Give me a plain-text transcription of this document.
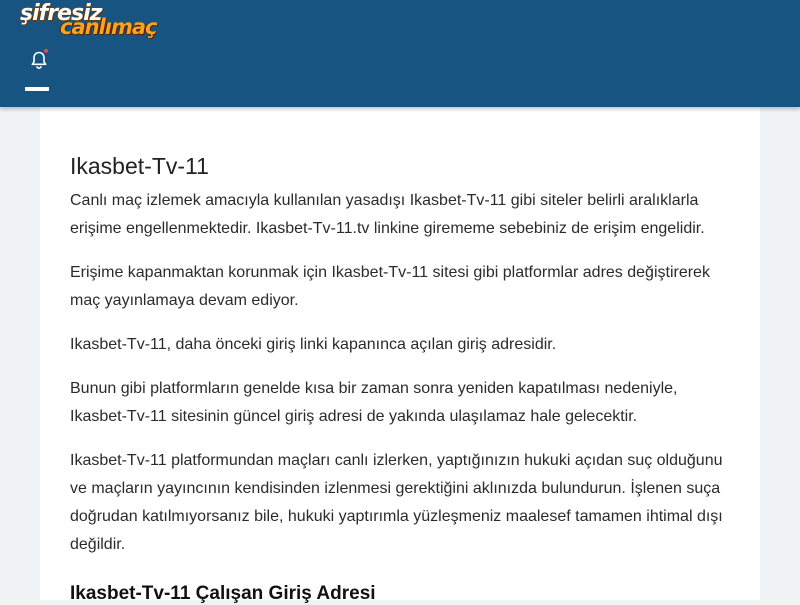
şifresiz
canlımaç
Ikasbet-Tv-11

Canlı maç izlemek amacıyla kullanılan yasadışı Ikasbet-Tv-11 gibi siteler belirli aralıklarla erişime engellenmektedir. Ikasbet-Tv-11.tv linkine girememe sebebiniz de erişim engelidir.

Erişime kapanmaktan korunmak için Ikasbet-Tv-11 sitesi gibi platformlar adres değiştirerek maç yayınlamaya devam ediyor.

Ikasbet-Tv-11, daha önceki giriş linki kapanınca açılan giriş adresidir.

Bunun gibi platformların genelde kısa bir zaman sonra yeniden kapatılması nedeniyle, Ikasbet-Tv-11 sitesinin güncel giriş adresi de yakında ulaşılamaz hale gelecektir.

Ikasbet-Tv-11 platformundan maçları canlı izlerken, yaptığınızın hukuki açıdan suç olduğunu ve maçların yayıncının kendisinden izlenmesi gerektiğini aklınızda bulundurun. İşlenen suça doğrudan katılmıyorsanız bile, hukuki yaptırımla yüzleşmeniz maalesef tamamen ihtimal dışı değildir.

Ikasbet-Tv-11 Çalışan Giriş Adresi
